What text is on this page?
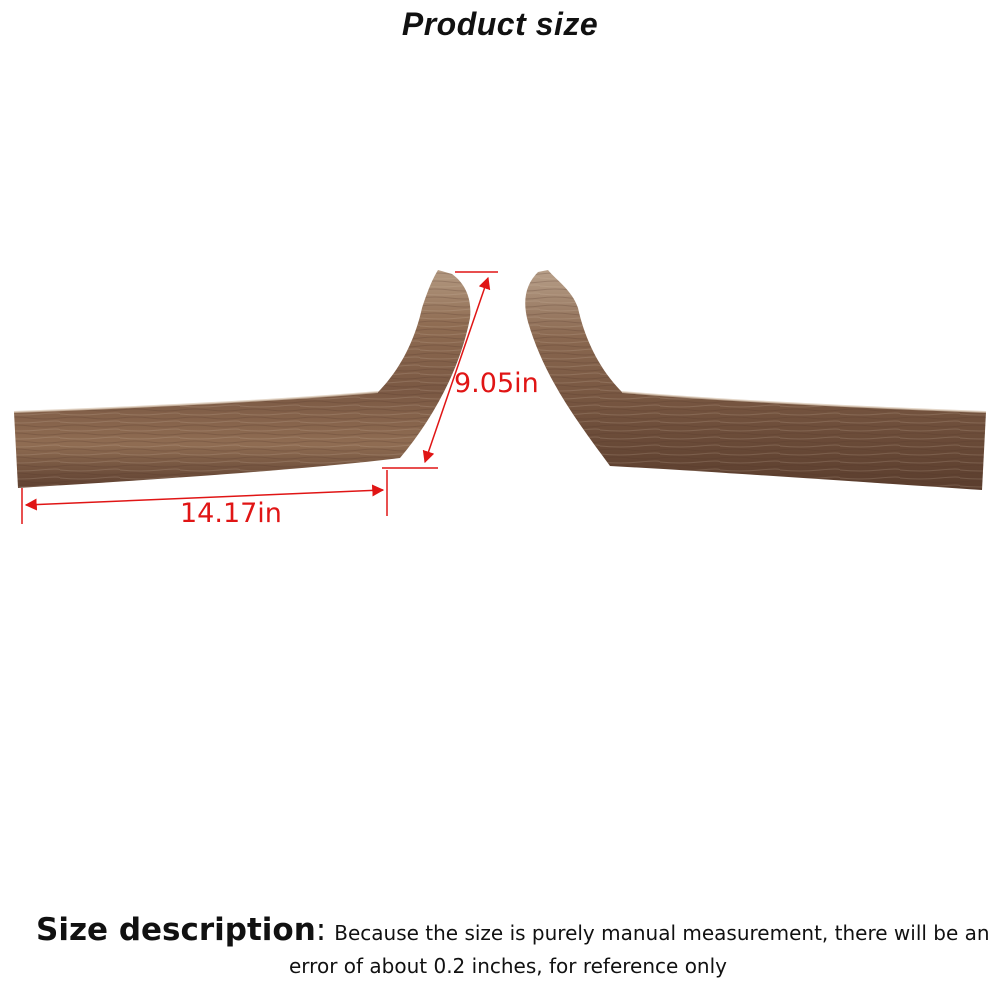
Product size
9.05in
14.17in
Size description : Because the size is purely manual measurement, there will be an
error of about 0.2 inches, for reference only
